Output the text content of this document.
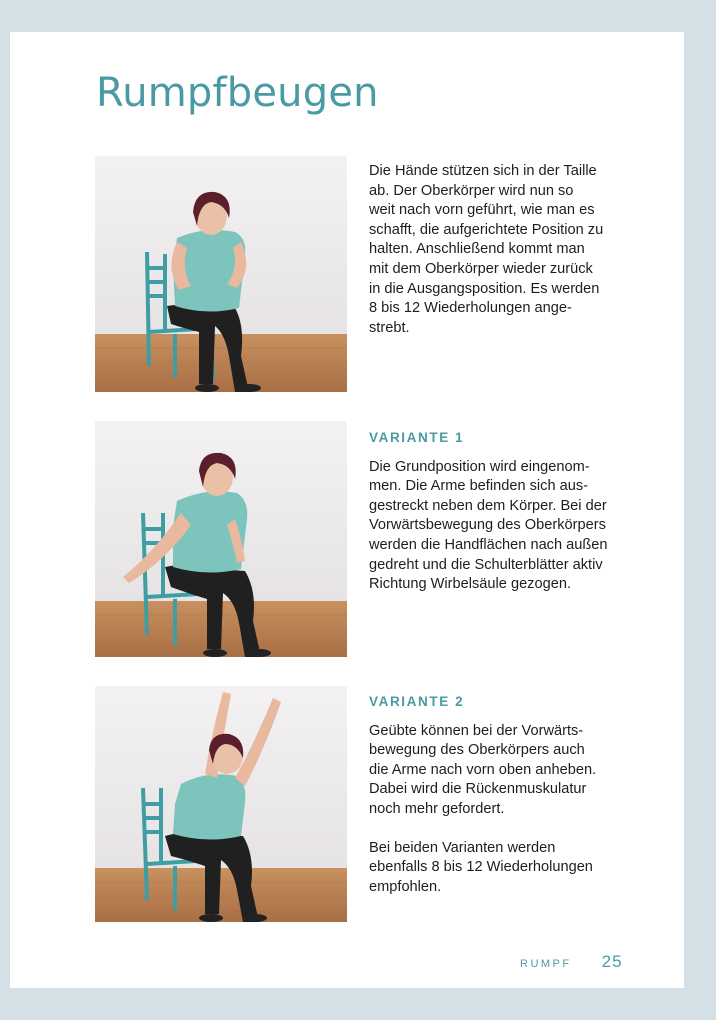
Rumpfbeugen

Die Hände stützen sich in der Taille
ab. Der Oberkörper wird nun so
weit nach vorn geführt, wie man es
schafft, die aufgerichtete Position zu
halten. Anschließend kommt man
mit dem Oberkörper wieder zurück
in die Ausgangsposition. Es werden
8 bis 12 Wiederholungen ange-
strebt.

VARIANTE 1

Die Grundposition wird eingenom-
men. Die Arme befinden sich aus-
gestreckt neben dem Körper. Bei der
Vorwärtsbewegung des Oberkörpers
werden die Handflächen nach außen
gedreht und die Schulterblätter aktiv
Richtung Wirbelsäule gezogen.

VARIANTE 2

Geübte können bei der Vorwärts-
bewegung des Oberkörpers auch
die Arme nach vorn oben anheben.
Dabei wird die Rückenmuskulatur
noch mehr gefordert.

Bei beiden Varianten werden
ebenfalls 8 bis 12 Wiederholungen
empfohlen.

RUMPF 25
